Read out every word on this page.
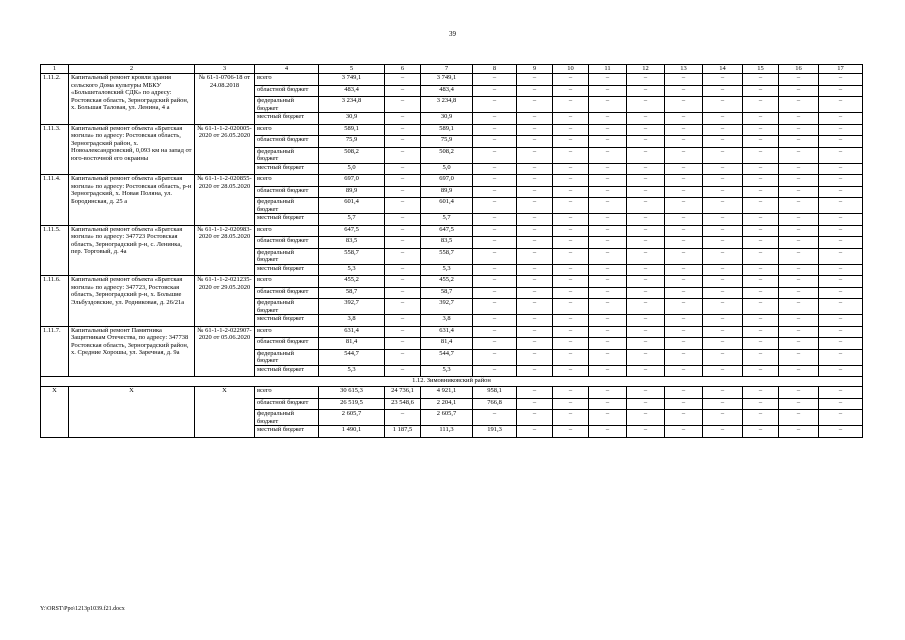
39
1	2	3	4	5	6	7	8	9	10	11	12	13	14	15	16	17
1.11.2.	Капитальный ремонт кровли здания сельского Дома культуры МБКУ «Большеталовский СДК» по адресу: Ростовская область, Зерноградский район, х. Большая Таловая, ул. Ленина, 4 а	№ 61-1-0706-18 от 24.08.2018	всего	3 749,1	–	3 749,1	–	–	–	–	–	–	–	–	–	–
			областной бюджет	483,4	–	483,4	–	–	–	–	–	–	–	–	–	–
			федеральный бюджет	3 234,8	–	3 234,8	–	–	–	–	–	–	–	–	–	–
			местный бюджет	30,9	–	30,9	–	–	–	–	–	–	–	–	–	–
1.11.3.	Капитальный ремонт объекта «Братская могила» по адресу: Ростовская область, Зерноградский район, х. Новоалександровский, 0,093 км на запад от юго-восточной его окраины	№ 61-1-1-2-020005-2020 от 26.05.2020	всего	589,1	–	589,1	–	–	–	–	–	–	–	–	–	–
			областной бюджет	75,9	–	75,9	–	–	–	–	–	–	–	–	–	–
			федеральный бюджет	508,2	–	508,2	–	–	–	–	–	–	–	–	–	–
			местный бюджет	5,0	–	5,0	–	–	–	–	–	–	–	–	–	–
1.11.4.	Капитальный ремонт объекта «Братская могила» по адресу: Ростовская область, р-н Зерноградский, х. Новая Поляна, ул. Бородинская, д. 25 а	№ 61-1-1-2-020855-2020 от 28.05.2020	всего	697,0	–	697,0	–	–	–	–	–	–	–	–	–	–
			областной бюджет	89,9	–	89,9	–	–	–	–	–	–	–	–	–	–
			федеральный бюджет	601,4	–	601,4	–	–	–	–	–	–	–	–	–	–
			местный бюджет	5,7	–	5,7	–	–	–	–	–	–	–	–	–	–
1.11.5.	Капитальный ремонт объекта «Братская могила» по адресу: 347723 Ростовская область, Зерноградский р-н, с. Ленинка, пер. Торговый, д. 4а	№ 61-1-1-2-020983-2020 от 28.05.2020	всего	647,5	–	647,5	–	–	–	–	–	–	–	–	–	–
			областной бюджет	83,5	–	83,5	–	–	–	–	–	–	–	–	–	–
			федеральный бюджет	558,7	–	558,7	–	–	–	–	–	–	–	–	–	–
			местный бюджет	5,3	–	5,3	–	–	–	–	–	–	–	–	–	–
1.11.6.	Капитальный ремонт объекта «Братская могила» по адресу: 347723, Ростовская область, Зерноградский р-н, х. Большие Эльбуздовские, ул. Родниковая, д. 26/21а	№ 61-1-1-2-021235-2020 от 29.05.2020	всего	455,2	–	455,2	–	–	–	–	–	–	–	–	–	–
			областной бюджет	58,7	–	58,7	–	–	–	–	–	–	–	–	–	–
			федеральный бюджет	392,7	–	392,7	–	–	–	–	–	–	–	–	–	–
			местный бюджет	3,8	–	3,8	–	–	–	–	–	–	–	–	–	–
1.11.7.	Капитальный ремонт Памятника Защитникам Отечества, по адресу: 347738 Ростовская область, Зерноградский район, х. Средние Хорошы, ул. Заречная, д. 9а	№ 61-1-1-2-022907-2020 от 05.06.2020	всего	631,4	–	631,4	–	–	–	–	–	–	–	–	–	–
			областной бюджет	81,4	–	81,4	–	–	–	–	–	–	–	–	–	–
			федеральный бюджет	544,7	–	544,7	–	–	–	–	–	–	–	–	–	–
			местный бюджет	5,3	–	5,3	–	–	–	–	–	–	–	–	–	–
1.12. Зимовниковский район																
Х	Х	Х	всего	30 615,3	24 736,1	4 921,1	958,1	–	–	–	–	–	–	–	–	–
			областной бюджет	26 519,5	23 548,6	2 204,1	766,8	–	–	–	–	–	–	–	–	–
			федеральный бюджет	2 605,7	–	2 605,7	–	–	–	–	–	–	–	–	–	–
			местный бюджет	1 490,1	1 187,5	111,3	191,3	–	–	–	–	–	–	–	–	–
Y:\ORST\Ppo\1213p1039.f21.docx
